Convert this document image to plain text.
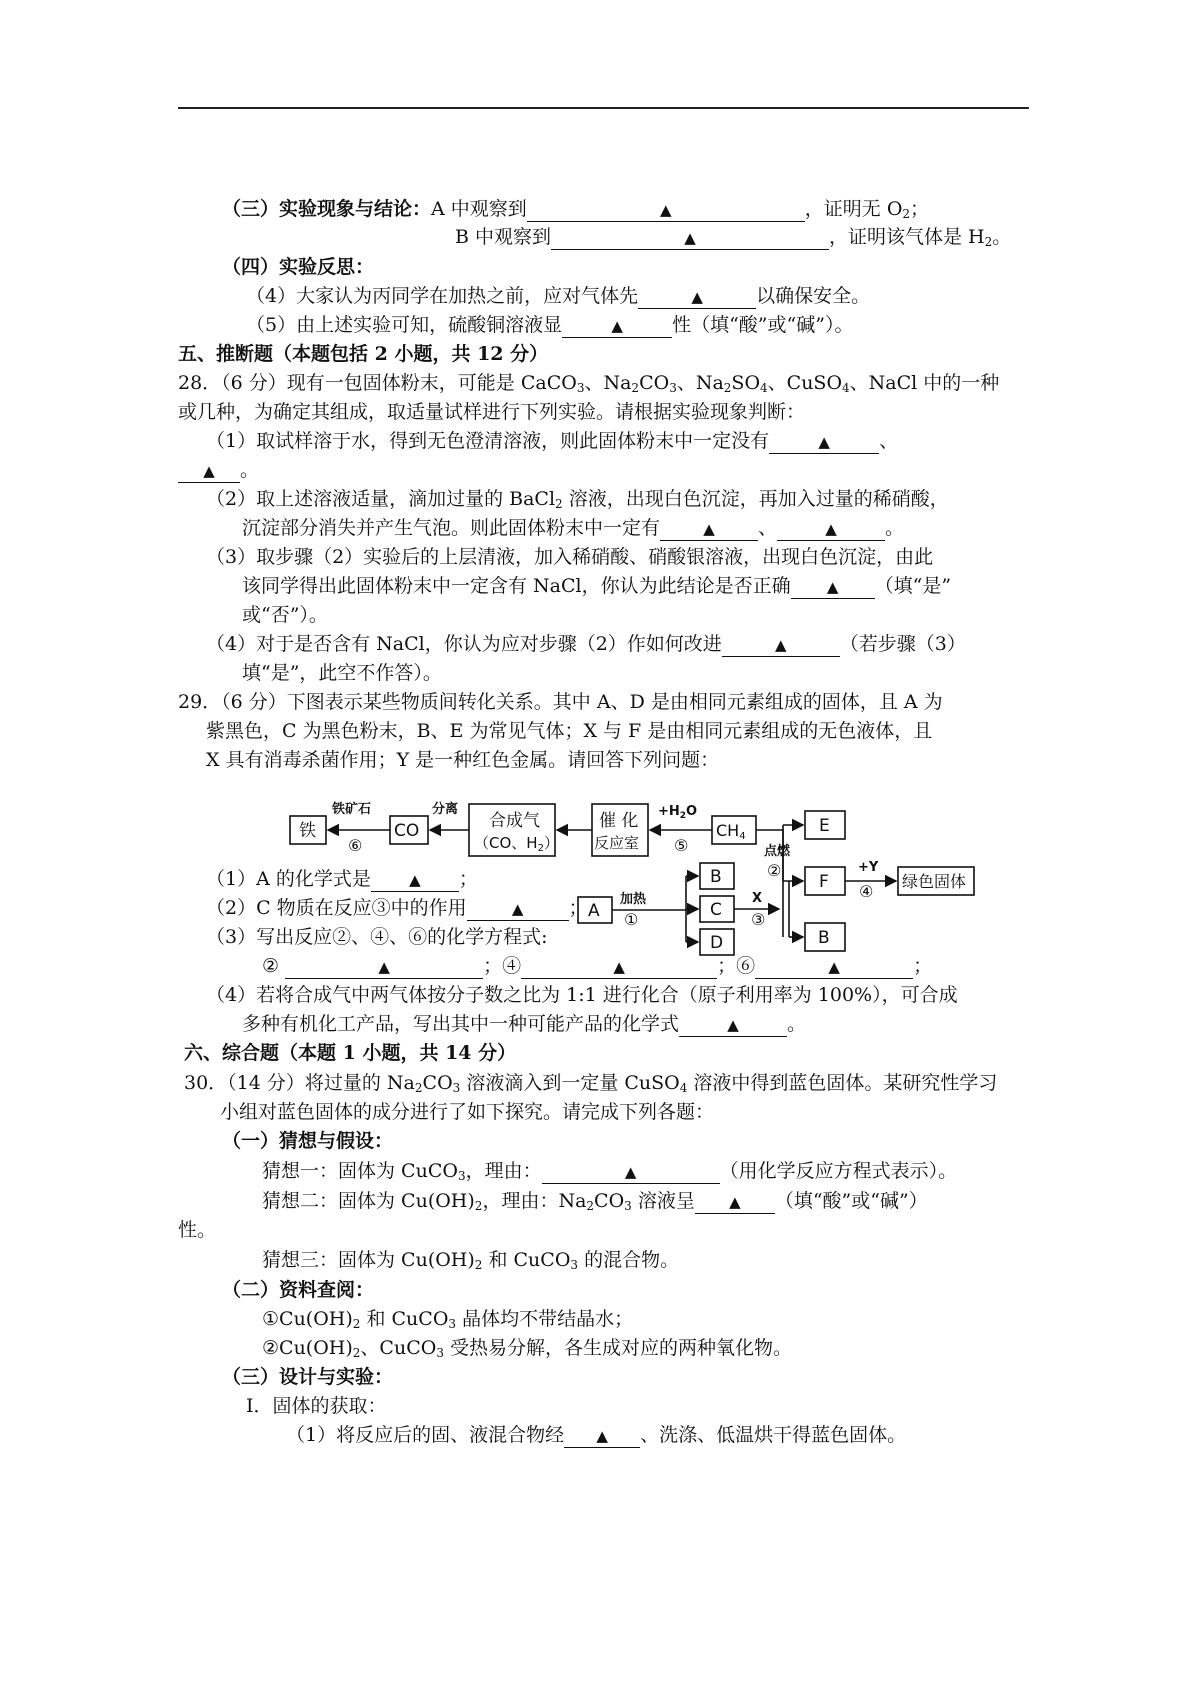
（三）实验现象与结论：A 中观察到	▲	，证明无 $O_2$；
B 中观察到	▲	，证明该气体是 $H_2$。
（四）实验反思：
（4）大家认为丙同学在加热之前，应对气体先	▲	以确保安全。
（5）由上述实验可知，硫酸铜溶液显	▲	性（填“酸”或“碱”）。
五、推断题（本题包括 2 小题，共 12 分）
28．（6 分）现有一包固体粉末，可能是 CaCO$_3$、$Na_2CO_3$、$Na_2SO_4$、CuSO$_4$、NaCl 中的一种
或几种，为确定其组成，取适量试样进行下列实验。请根据实验现象判断：
（1）取试样溶于水，得到无色澄清溶液，则此固体粉末中一定没有	▲	、
▲ 。
（2）取上述溶液适量，滴加过量的 BaCl$_2$ 溶液，出现白色沉淀，再加入过量的稀硝酸，
沉淀部分消失并产生气泡。则此固体粉末中一定有	▲ 、	▲	。
（3）取步骤（2）实验后的上层清液，加入稀硝酸、硝酸银溶液，出现白色沉淀，由此
该同学得出此固体粉末中一定含有 NaCl，你认为此结论是否正确 ▲ （填“是”
或“否”）。
（4）对于是否含有 NaCl，你认为应对步骤（2）作如何改进	▲	（若步骤（3）
填“是”，此空不作答）。
29．（6 分）下图表示某些物质间转化关系。其中 A、D 是由相同元素组成的固体，且 A 为
紫黑色，C 为黑色粉末，B、E 为常见气体；X 与 F 是由相同元素组成的无色液体，且
X 具有消毒杀菌作用；Y 是一种红色金属。请回答下列问题：
铁	CO	合成气
（CO、$H_2$）
催 化
反应室
CH4
E
F
B
绿色固体
B
C
D
A
铁矿石
⑥
分离	$+H_2O$
⑤	点燃
②	+Y
④
加热
①
X
③
（1）A 的化学式是	▲ ；
（2）C 物质在反应③中的作用	▲ ；
（3）写出反应②、④、⑥的化学方程式:
②	▲	；④	▲	；⑥	▲	；
（4）若将合成气中两气体按分子数之比为 1:1 进行化合（原子利用率为 100%），可合成
多种有机化工产品，写出其中一种可能产品的化学式	▲	。
六、综合题（本题 1 小题，共 14 分）
30．（14 分）将过量的 $Na_2CO_3$ 溶液滴入到一定量 CuSO$_4$ 溶液中得到蓝色固体。某研究性学习
小组对蓝色固体的成分进行了如下探究。请完成下列各题：
（一）猜想与假设：
猜想一：固体为 CuCO$_3$，理由：	▲	（用化学反应方程式表示）。
猜想二：固体为 $Cu(OH)_2$，理由：$Na_2CO_3$ 溶液呈 ▲ （填“酸”或“碱”）
性。
猜想三：固体为 $Cu(OH)_2$ 和 CuCO$_3$ 的混合物。
（二）资料查阅：
$①Cu(OH)_2$ 和 CuCO$_3$ 晶体均不带结晶水；
$②Cu(OH)_2$、CuCO$_3$ 受热易分解，各生成对应的两种氧化物。
（三）设计与实验：
Ⅰ．固体的获取：
（1）将反应后的固、液混合物经 ▲ 、洗涤、低温烘干得蓝色固体。
